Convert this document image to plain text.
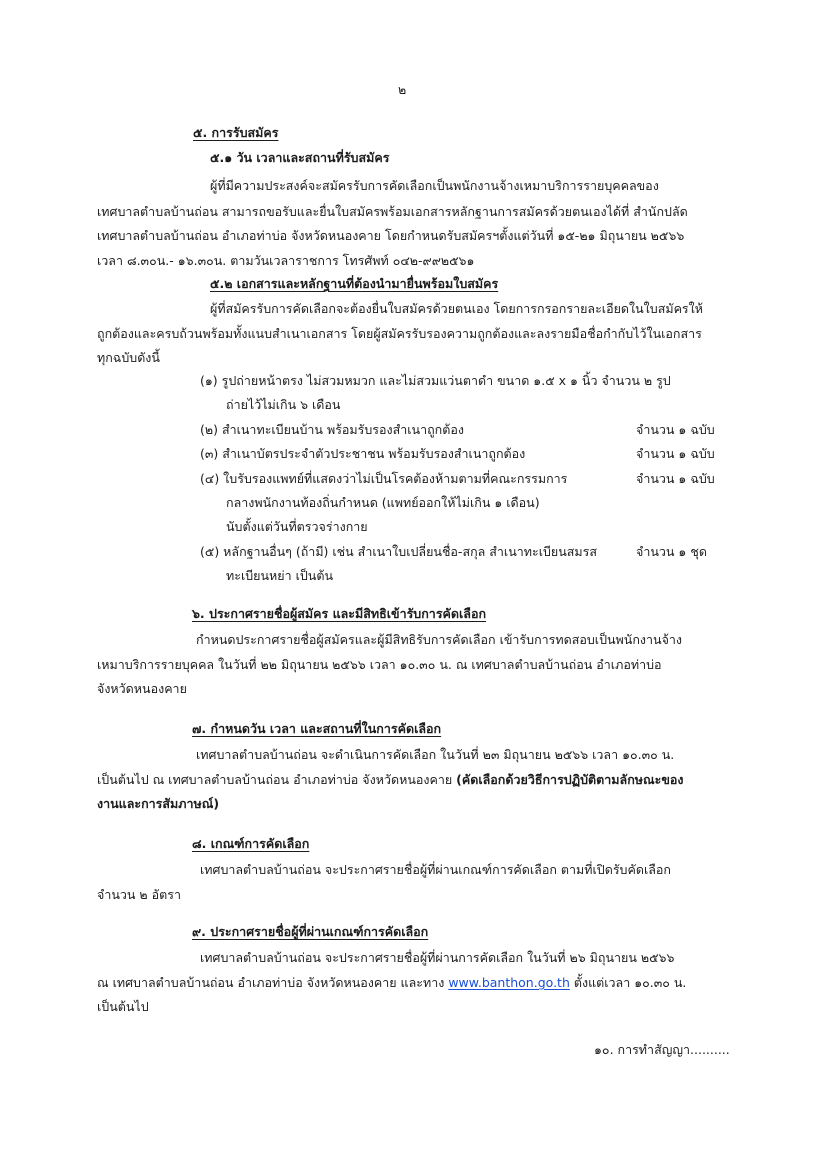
๒
๕. การรับสมัคร
๕.๑ วัน เวลาและสถานที่รับสมัคร
ผู้ที่มีความประสงค์จะสมัครรับการคัดเลือกเป็นพนักงานจ้างเหมาบริการรายบุคคลของ
เทศบาลตำบลบ้านถ่อน สามารถขอรับและยื่นใบสมัครพร้อมเอกสารหลักฐานการสมัครด้วยตนเองได้ที่ สำนักปลัด
เทศบาลตำบลบ้านถ่อน อำเภอท่าบ่อ จังหวัดหนองคาย โดยกำหนดรับสมัครฯตั้งแต่วันที่ ๑๕-๒๑ มิถุนายน ๒๕๖๖
เวลา ๘.๓๐น.- ๑๖.๓๐น. ตามวันเวลาราชการ โทรศัพท์ ๐๔๒-๙๙๒๕๖๑
๕.๒ เอกสารและหลักฐานที่ต้องนำมายื่นพร้อมใบสมัคร
ผู้ที่สมัครรับการคัดเลือกจะต้องยื่นใบสมัครด้วยตนเอง โดยการกรอกรายละเอียดในใบสมัครให้
ถูกต้องและครบถ้วนพร้อมทั้งแนบสำเนาเอกสาร โดยผู้สมัครรับรองความถูกต้องและลงรายมือชื่อกำกับไว้ในเอกสาร
ทุกฉบับดังนี้
(๑) รูปถ่ายหน้าตรง ไม่สวมหมวก และไม่สวมแว่นตาดำ ขนาด ๑.๕ x ๑ นิ้ว จำนวน ๒ รูป
ถ่ายไว้ไม่เกิน ๖ เดือน
(๒) สำเนาทะเบียนบ้าน พร้อมรับรองสำเนาถูกต้อง	จำนวน ๑ ฉบับ
(๓) สำเนาบัตรประจำตัวประชาชน พร้อมรับรองสำเนาถูกต้อง	จำนวน ๑ ฉบับ
(๔) ใบรับรองแพทย์ที่แสดงว่าไม่เป็นโรคต้องห้ามตามที่คณะกรรมการ	จำนวน ๑ ฉบับ
กลางพนักงานท้องถิ่นกำหนด (แพทย์ออกให้ไม่เกิน ๑ เดือน)
นับตั้งแต่วันที่ตรวจร่างกาย
(๕) หลักฐานอื่นๆ (ถ้ามี) เช่น สำเนาใบเปลี่ยนชื่อ-สกุล สำเนาทะเบียนสมรส	จำนวน ๑ ชุด
ทะเบียนหย่า เป็นต้น
๖. ประกาศรายชื่อผู้สมัคร และมีสิทธิเข้ารับการคัดเลือก
กำหนดประกาศรายชื่อผู้สมัครและผู้มีสิทธิรับการคัดเลือก เข้ารับการทดสอบเป็นพนักงานจ้าง
เหมาบริการรายบุคคล ในวันที่ ๒๒ มิถุนายน ๒๕๖๖ เวลา ๑๐.๓๐ น. ณ เทศบาลตำบลบ้านถ่อน อำเภอท่าบ่อ
จังหวัดหนองคาย
๗. กำหนดวัน เวลา และสถานที่ในการคัดเลือก
เทศบาลตำบลบ้านถ่อน จะดำเนินการคัดเลือก ในวันที่ ๒๓ มิถุนายน ๒๕๖๖ เวลา ๑๐.๓๐ น.
เป็นต้นไป ณ เทศบาลตำบลบ้านถ่อน อำเภอท่าบ่อ จังหวัดหนองคาย (คัดเลือกด้วยวิธีการปฏิบัติตามลักษณะของ
งานและการสัมภาษณ์)
๘. เกณฑ์การคัดเลือก
เทศบาลตำบลบ้านถ่อน จะประกาศรายชื่อผู้ที่ผ่านเกณฑ์การคัดเลือก ตามที่เปิดรับคัดเลือก
จำนวน ๒ อัตรา
๙. ประกาศรายชื่อผู้ที่ผ่านเกณฑ์การคัดเลือก
เทศบาลตำบลบ้านถ่อน จะประกาศรายชื่อผู้ที่ผ่านการคัดเลือก ในวันที่ ๒๖ มิถุนายน ๒๕๖๖
ณ เทศบาลตำบลบ้านถ่อน อำเภอท่าบ่อ จังหวัดหนองคาย และทาง www.banthon.go.th ตั้งแต่เวลา ๑๐.๓๐ น.
เป็นต้นไป
๑๐. การทำสัญญา..........
